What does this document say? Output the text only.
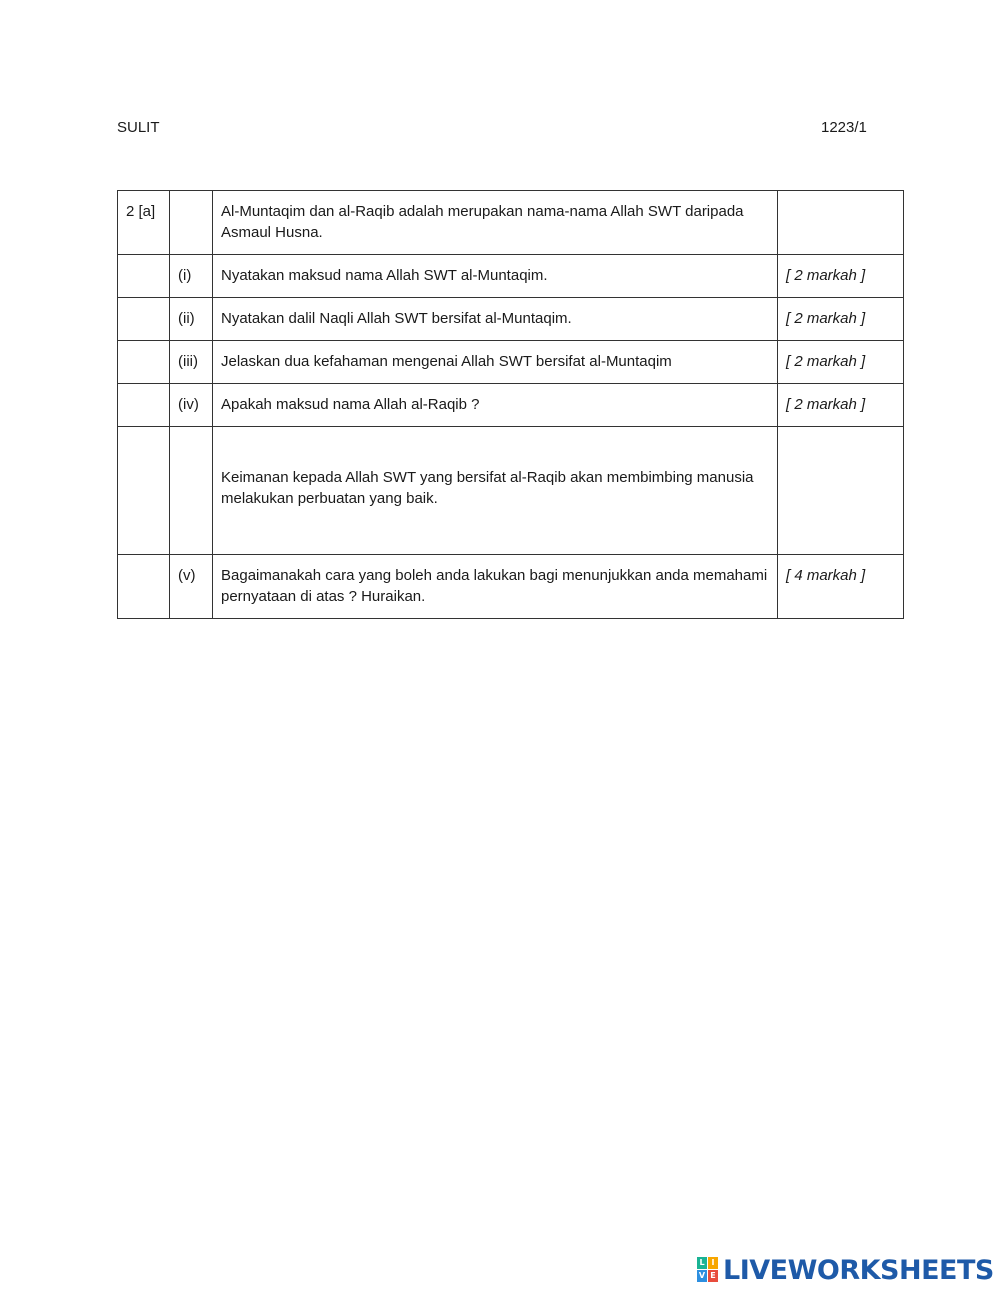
SULIT	1223/1
2 [a]		Al-Muntaqim dan al-Raqib adalah merupakan nama-nama Allah SWT daripada Asmaul Husna.	
	(i)	Nyatakan maksud nama Allah SWT al-Muntaqim.	[ 2 markah ]
	(ii)	Nyatakan dalil Naqli Allah SWT bersifat al-Muntaqim.	[ 2 markah ]
	(iii)	Jelaskan dua kefahaman mengenai Allah SWT bersifat al-Muntaqim	[ 2 markah ]
	(iv)	Apakah maksud nama Allah al-Raqib ?	[ 2 markah ]

		Keimanan kepada Allah SWT yang bersifat al-Raqib akan membimbing manusia melakukan perbuatan yang baik.	

	(v)	Bagaimanakah cara yang boleh anda lakukan bagi menunjukkan anda memahami pernyataan di atas ? Huraikan.	[ 4 markah ]
L I
V E LIVEWORKSHEETS
